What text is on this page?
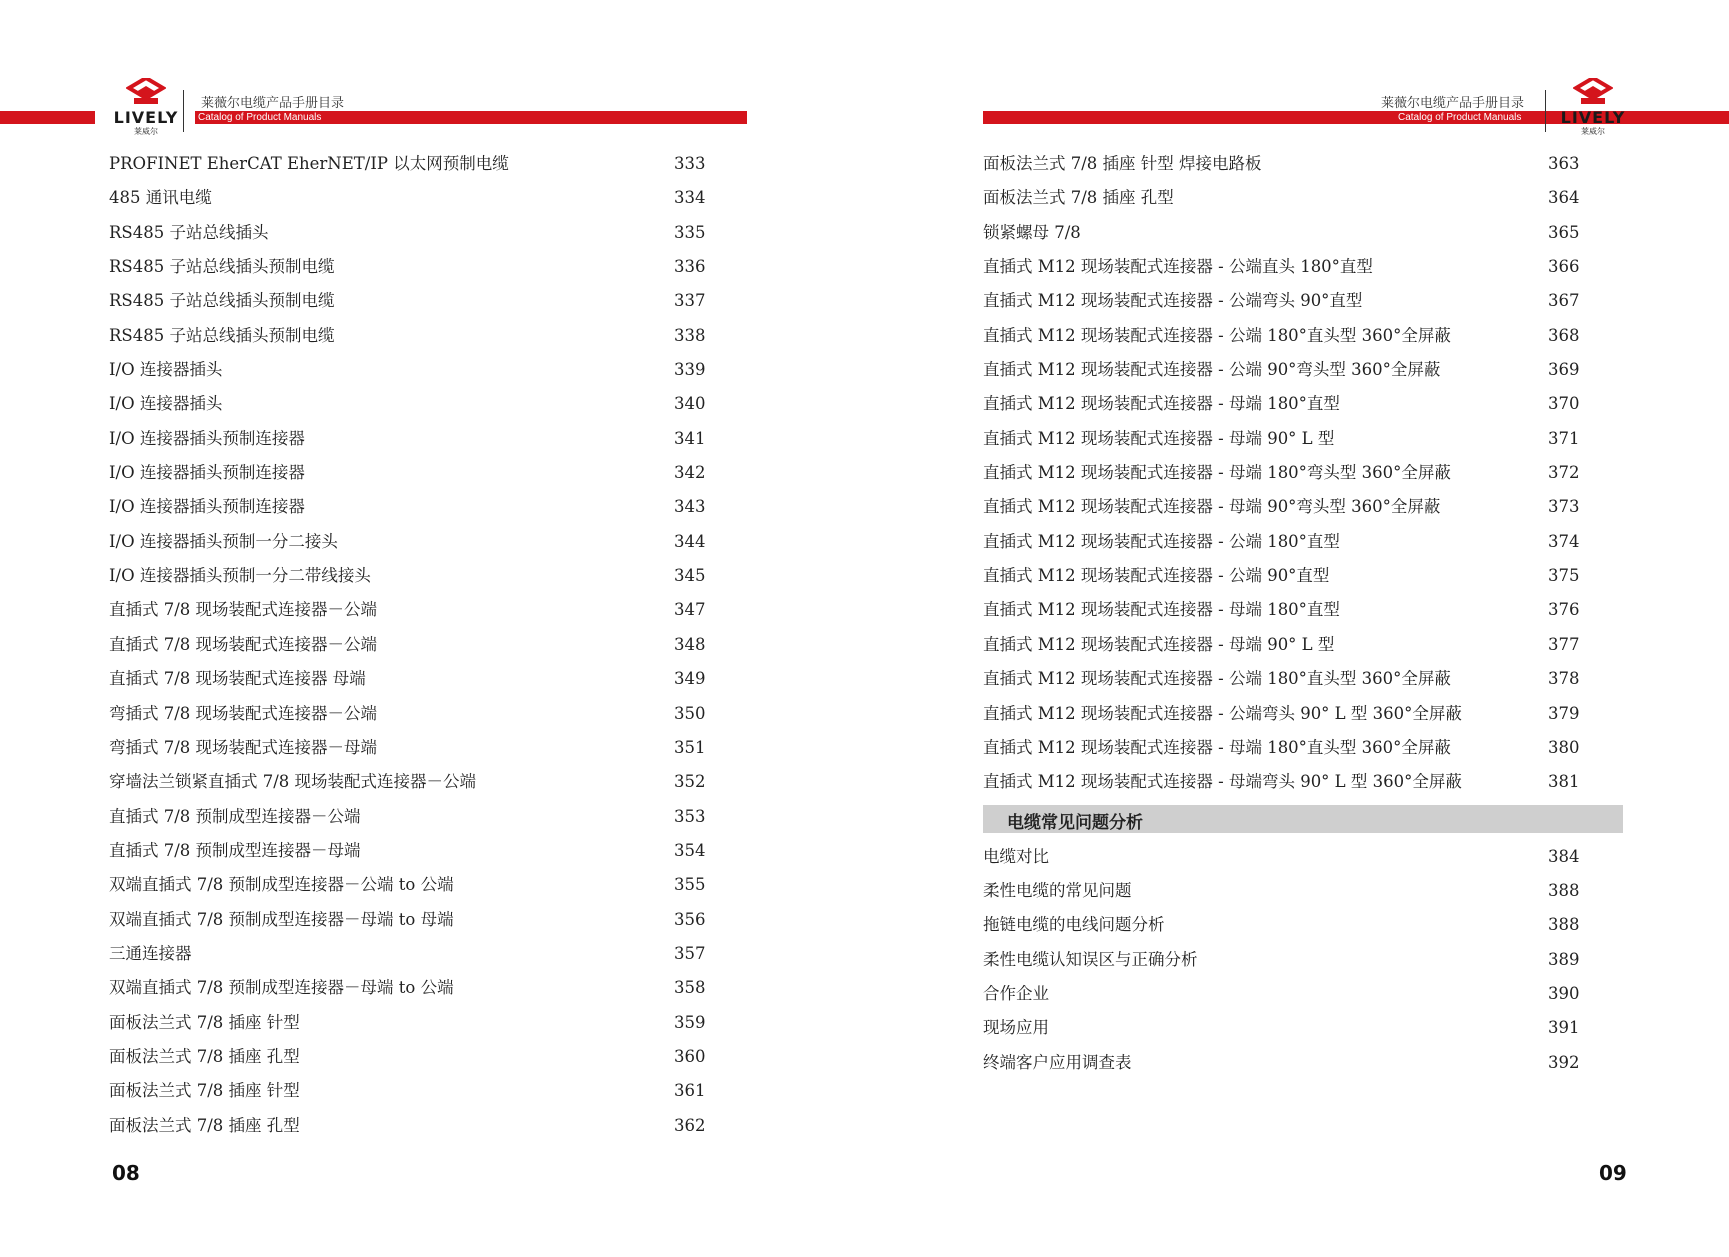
LIVELY
莱威尔
莱薇尔电缆产品手册目录
Catalog of Product Manuals
PROFINET EherCAT EherNET/IP 以太网预制电缆	333
485 通讯电缆	334
RS485 子站总线插头	335
RS485 子站总线插头预制电缆	336
RS485 子站总线插头预制电缆	337
RS485 子站总线插头预制电缆	338
I/O 连接器插头	339
I/O 连接器插头	340
I/O 连接器插头预制连接器	341
I/O 连接器插头预制连接器	342
I/O 连接器插头预制连接器	343
I/O 连接器插头预制一分二接头	344
I/O 连接器插头预制一分二带线接头	345
直插式 7/8 现场装配式连接器－公端	347
直插式 7/8 现场装配式连接器－公端	348
直插式 7/8 现场装配式连接器 母端	349
弯插式 7/8 现场装配式连接器－公端	350
弯插式 7/8 现场装配式连接器－母端	351
穿墙法兰锁紧直插式 7/8 现场装配式连接器－公端	352
直插式 7/8 预制成型连接器－公端	353
直插式 7/8 预制成型连接器－母端	354
双端直插式 7/8 预制成型连接器－公端 to 公端	355
双端直插式 7/8 预制成型连接器－母端 to 母端	356
三通连接器	357
双端直插式 7/8 预制成型连接器－母端 to 公端	358
面板法兰式 7/8 插座 针型	359
面板法兰式 7/8 插座 孔型	360
面板法兰式 7/8 插座 针型	361
面板法兰式 7/8 插座 孔型	362
08
莱薇尔电缆产品手册目录
Catalog of Product Manuals	LIVELY
莱威尔
面板法兰式 7/8 插座 针型 焊接电路板	363
面板法兰式 7/8 插座 孔型	364
锁紧螺母 7/8	365
直插式 M12 现场装配式连接器 - 公端直头 180°直型	366
直插式 M12 现场装配式连接器 - 公端弯头 90°直型	367
直插式 M12 现场装配式连接器 - 公端 180°直头型 360°全屏蔽	368
直插式 M12 现场装配式连接器 - 公端 90°弯头型 360°全屏蔽	369
直插式 M12 现场装配式连接器 - 母端 180°直型	370
直插式 M12 现场装配式连接器 - 母端 90° L 型	371
直插式 M12 现场装配式连接器 - 母端 180°弯头型 360°全屏蔽	372
直插式 M12 现场装配式连接器 - 母端 90°弯头型 360°全屏蔽	373
直插式 M12 现场装配式连接器 - 公端 180°直型	374
直插式 M12 现场装配式连接器 - 公端 90°直型	375
直插式 M12 现场装配式连接器 - 母端 180°直型	376
直插式 M12 现场装配式连接器 - 母端 90° L 型	377
直插式 M12 现场装配式连接器 - 公端 180°直头型 360°全屏蔽	378
直插式 M12 现场装配式连接器 - 公端弯头 90° L 型 360°全屏蔽	379
直插式 M12 现场装配式连接器 - 母端 180°直头型 360°全屏蔽	380
直插式 M12 现场装配式连接器 - 母端弯头 90° L 型 360°全屏蔽	381
电缆常见问题分析
电缆对比	384
柔性电缆的常见问题	388
拖链电缆的电线问题分析	388
柔性电缆认知误区与正确分析	389
合作企业	390
现场应用	391
终端客户应用调查表	392
09
